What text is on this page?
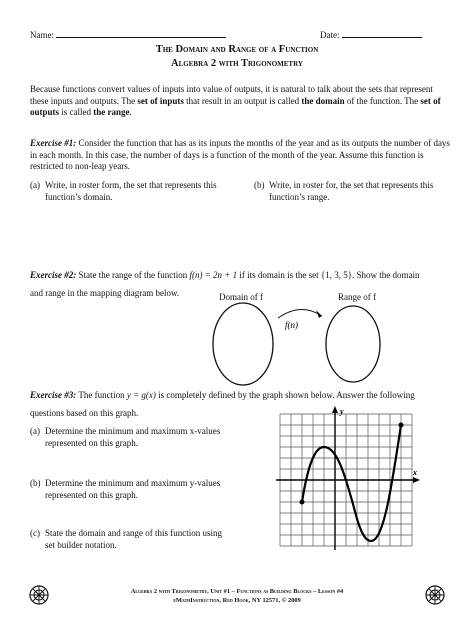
Name:	Date:
The Domain and Range of a Function
Algebra 2 with Trigonometry
Because functions convert values of inputs into value of outputs, it is natural to talk about the sets that represent these inputs and outputs. The set of inputs that result in an output is called the domain of the function. The set of outputs is called the range.
Exercise #1: Consider the function that has as its inputs the months of the year and as its outputs the number of days in each month. In this case, the number of days is a function of the month of the year. Assume this function is restricted to non-leap years.
(a) Write, in roster form, the set that represents this function’s domain.
(b) Write, in roster for, the set that represents this function’s range.
Exercise #2: State the range of the function f(n) = 2n + 1 if its domain is the set {1, 3, 5}. Show the domain
and range in the mapping diagram below.	Domain of f	Range of f
f(n)
Exercise #3: The function y = g(x) is completely defined by the graph shown below. Answer the following
questions based on this graph.
(a) Determine the minimum and maximum x-values represented on this graph.
(b) Determine the minimum and maximum y-values represented on this graph.
(c) State the domain and range of this function using set builder notation.
y
x
Algebra 2 with Trigonometry, Unit #1 – Functions as Building Blocks – Lesson #4
eMathInstruction, Red Hook, NY 12571, © 2009
